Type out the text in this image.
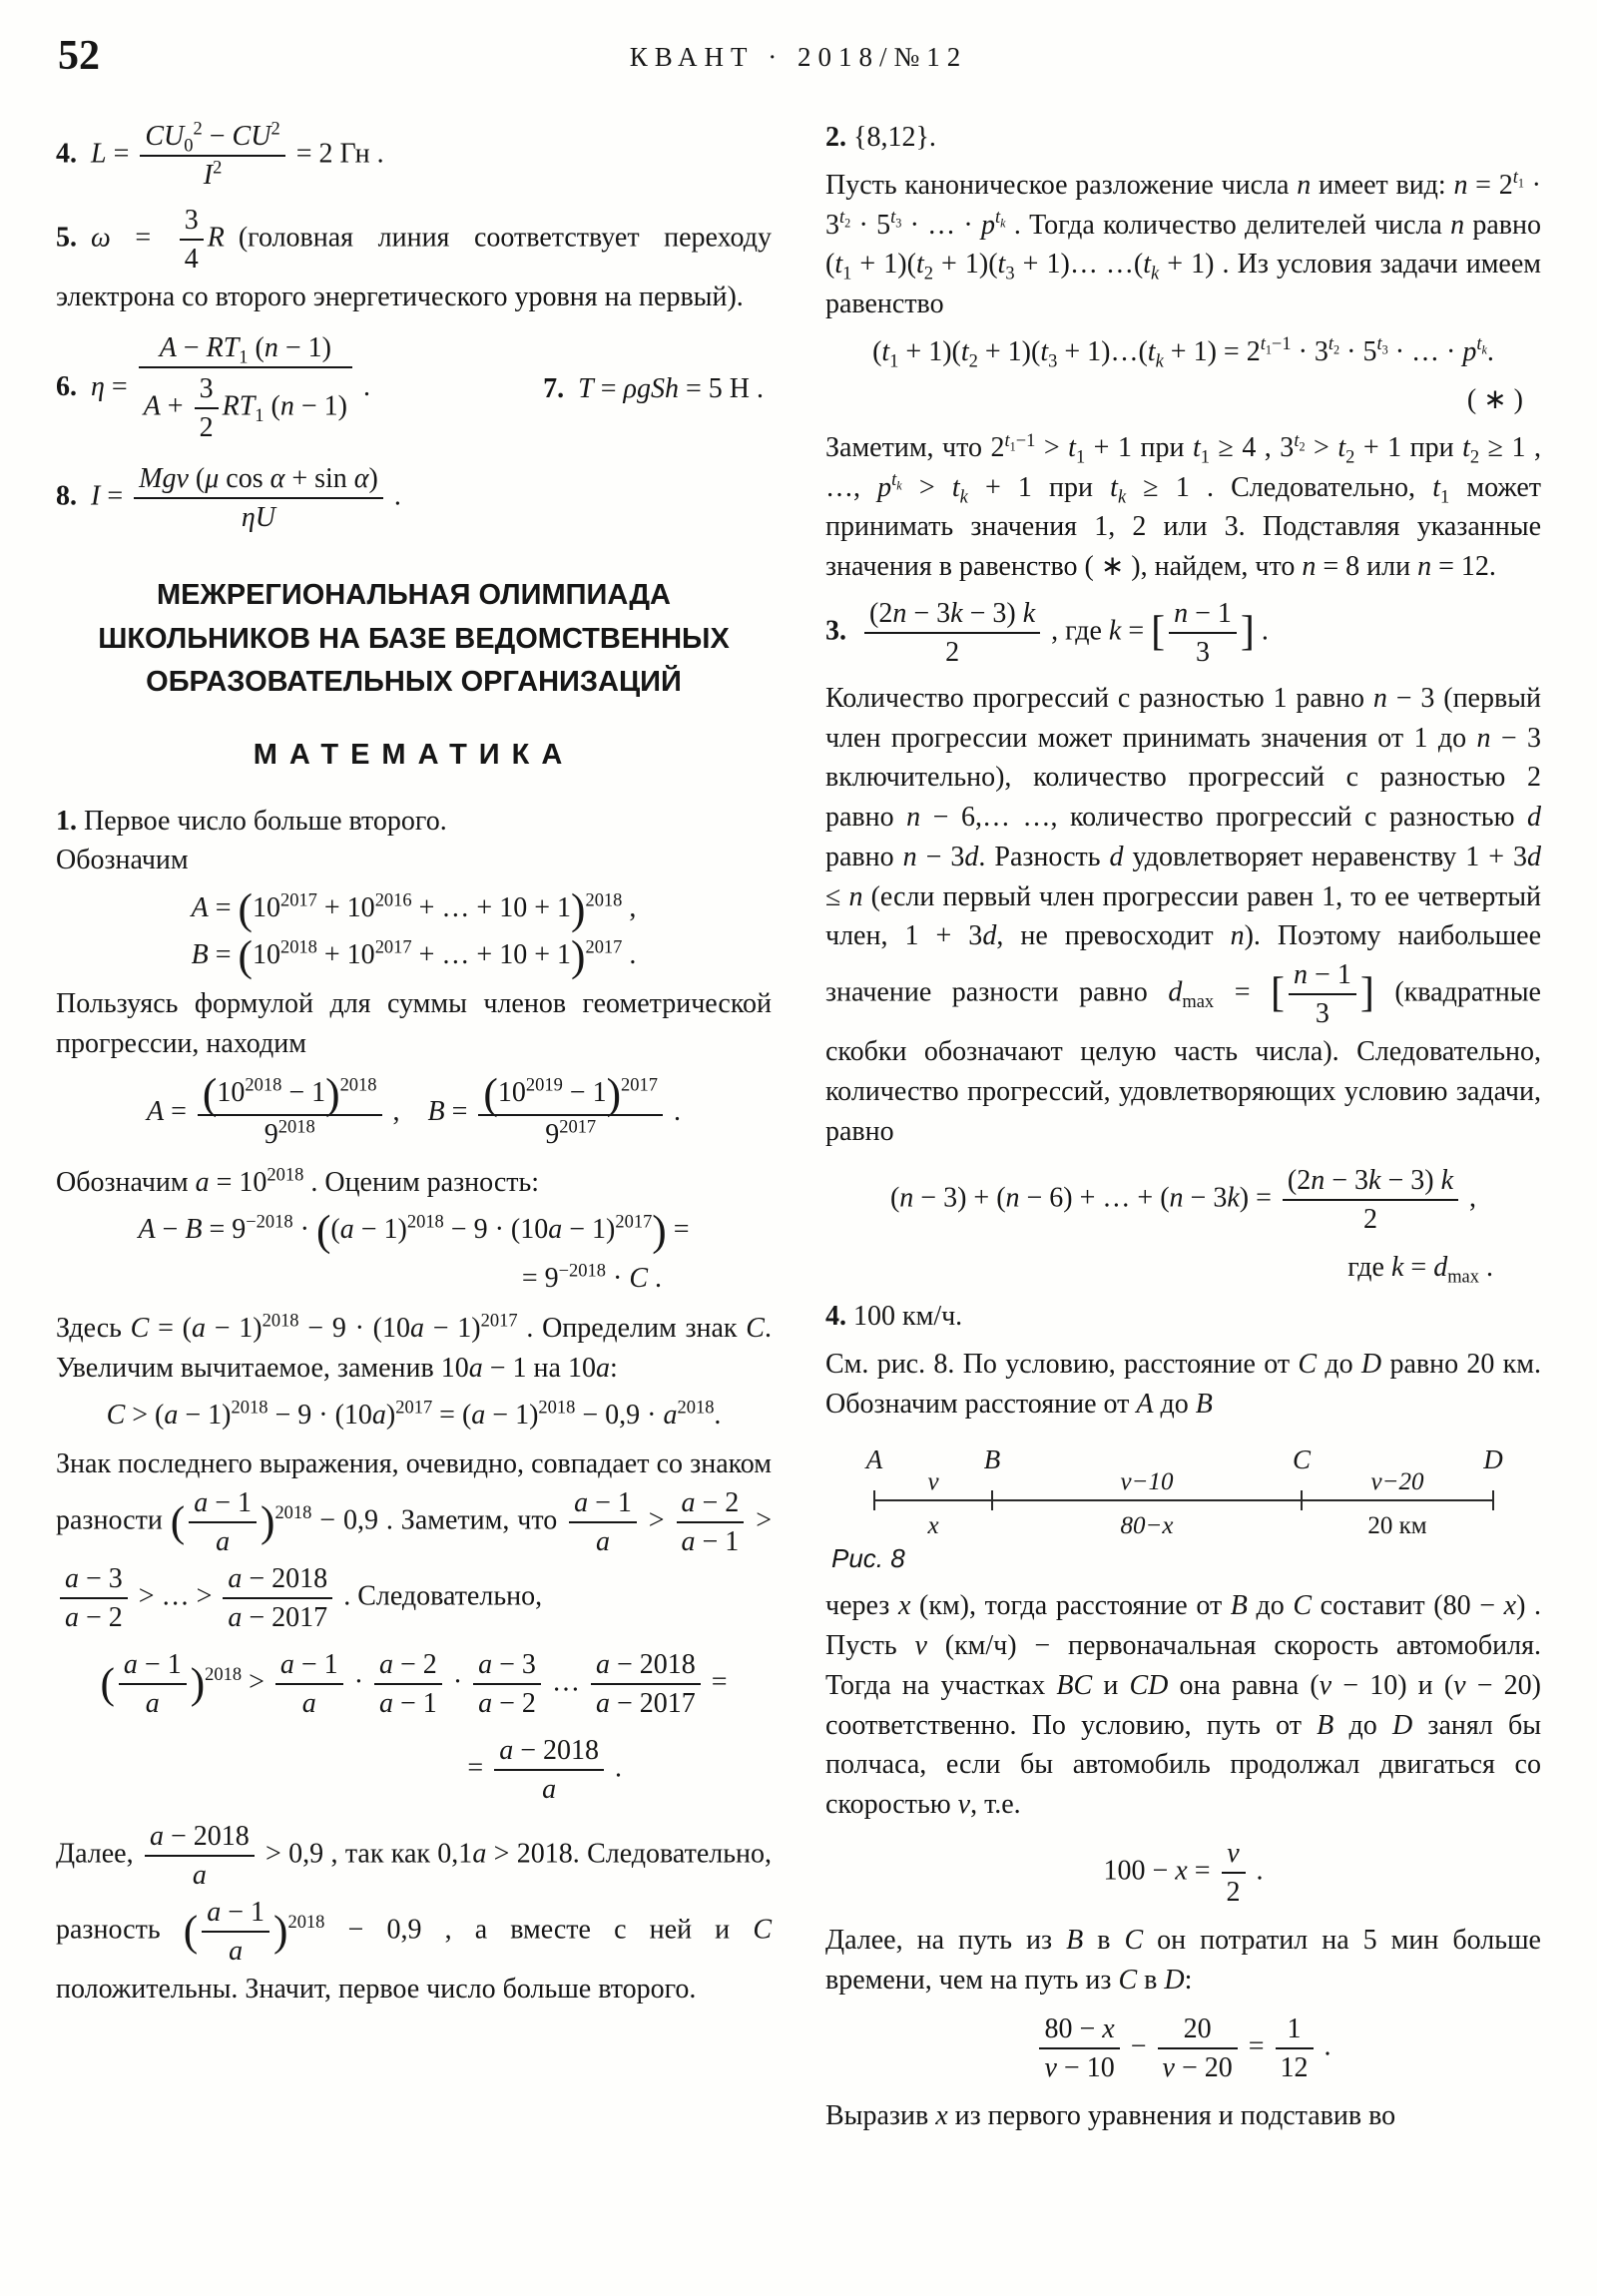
52	КВАНТ · 2018/№12
4.  $L = \frac{CU_0^2 - CU^2}{I^2} = 2$ Гн .
5.  $\omega = \frac{3}{4}$ R (головная линия соответствует переходу электрона со второго энергетического уровня на первый).
6.  $\eta = \frac{A - RT_1 (n - 1)}{A + \frac{3}{2} RT_1 (n - 1)}$ .	7.  T = ρgSh = 5 Н .
8.  I =
Mgv (μ cos α + sin α)
ηU
.
МЕЖРЕГИОНАЛЬНАЯ ОЛИМПИАДА
ШКОЛЬНИКОВ НА БАЗЕ ВЕДОМСТВЕННЫХ
ОБРАЗОВАТЕЛЬНЫХ ОРГАНИЗАЦИЙ
МАТЕМАТИКА
1. Первое число больше второго.
Обозначим
$A = (10^{2017} + 10^{2016}$ + … + 10 + 1)$^{2018}$ ,
$B = (10^{2018} + 10^{2017}$ + … + 10 + 1)$^{2017}$ .
Пользуясь формулой для суммы членов геометрической прогрессии, находим
$A = \frac{(10^{2018} - 1)^{2018}}{9^{2018}}$ , $B = \frac{(10^{2019} - 1)^{2017}}{9^{2017}}$ .
Обозначим $a = 10^{2018}$ . Оценим разность:
$A - B = 9^{-2018} \cdot ((a - 1)^{2018} - 9 \cdot (10a - 1)^{2017})$ =
= $9^{-2018} \cdot C$ .
Здесь $C = (a - 1)^{2018} - 9 \cdot (10a - 1)^{2017}$ . Определим знак C. Увеличим вычитаемое, заменив 10a − 1 на 10a:
$C > (a - 1)^{2018} - 9 \cdot (10a)^{2017} = (a - 1)^{2018} - 0,9 \cdot a^{2018}$.
Знак последнего выражения, очевидно, совпадает со знаком разности ( $\frac{a - 1}{a} )^{2018} - 0,9$ . Заметим, что $\frac{a - 1}{a} > \frac{a - 2}{a - 1}$ >
$\frac{a - 3}{a - 2}$ > … > $\frac{a - 2018}{a - 2017}$ . Следовательно,
( $\frac{a - 1}{a} )^{2018} > \frac{a - 1}{a} \cdot \frac{a - 2}{a - 1} \cdot \frac{a - 3}{a - 2}$ … $\frac{a - 2018}{a - 2017}$ =
= $\frac{a - 2018}{a}$ .
Далее, $\frac{a - 2018}{a} > 0,9$ , так как 0,1a > 2018. Следовательно, разность ( $\frac{a - 1}{a} )^{2018} - 0,9$ , а вместе с ней и C положительны. Значит, первое число больше второго.
2. {8,12}.
Пусть каноническое разложение числа n имеет вид: $n = 2^{t_1} \cdot 3^{t_2} \cdot 5^{t_3}$ · … · $p^{t_k}$ . Тогда количество делителей числа n равно $(t_1 + 1)(t_2 + 1)(t_3$ + 1)… $\dots(t_k + 1)$ . Из условия задачи имеем равенство
$(t_1 + 1)(t_2 + 1)(t_3$ + $1)\dots(t_k + 1) = 2^{t_1-1} \cdot 3^{t_2} \cdot 5^{t_3}$ · … · $p^{t_k}$.
( ∗ )
Заметим, что $2^{t_1-1} > t_1 + 1$ при $t_1 \ge 4$ , $3^{t_2} > t_2 + 1$ при $t_2 \ge 1$ , …, $p^{t_k} > t_k + 1$ при $t_k \ge 1$ . Следовательно, $t_1$ может принимать значения 1, 2 или 3. Подставляя указанные значения в равенство ( ∗ ), найдем, что n = 8 или n = 12.
3.  $\frac{(2n - 3k - 3) k}{2}$ , где k = [ $\frac{n - 1}{3}$ ] .
Количество прогрессий с разностью 1 равно n − 3 (первый член прогрессии может принимать значения от 1 до n − 3 включительно), количество прогрессий с разностью 2 равно n − 6,… …, количество прогрессий с разностью d равно n − 3d. Разность d удовлетворяет неравенству 1 + 3d ≤ n (если первый член прогрессии равен 1, то ее четвертый член, 1 + 3d, не превосходит n). Поэтому наибольшее значение разности равно $d_{max}$ = [ $\frac{n - 1}{3}$ ] (квадратные скобки обозначают целую часть числа). Следовательно, количество прогрессий, удовлетворяющих условию задачи, равно
(n − 3) + (n − 6) + … + $(n - 3k) = \frac{(2n - 3k - 3) k}{2}$ ,
где $k = d_{max}$ .
4. 100 км/ч.
См. рис. 8. По условию, расстояние от C до D равно 20 км. Обозначим расстояние от A до B
A	B	C	D
v	v−10	v−20
x	80−x	20 км
Рис. 8
через x (км), тогда расстояние от B до C составит (80 − x) . Пусть v (км/ч) − первоначальная скорость автомобиля. Тогда на участках BC и CD она равна (v − 10) и (v − 20) соответственно. По условию, путь от B до D занял бы полчаса, если бы автомобиль продолжал двигаться со скоростью v, т.е.
$100 - x = \frac{v}{2}$ .
Далее, на путь из B в C он потратил на 5 мин больше времени, чем на путь из C в D:
$\frac{80 - x}{v - 10} - \frac{20}{v - 20} = \frac{1}{12}$ .
Выразив x из первого уравнения и подставив во
